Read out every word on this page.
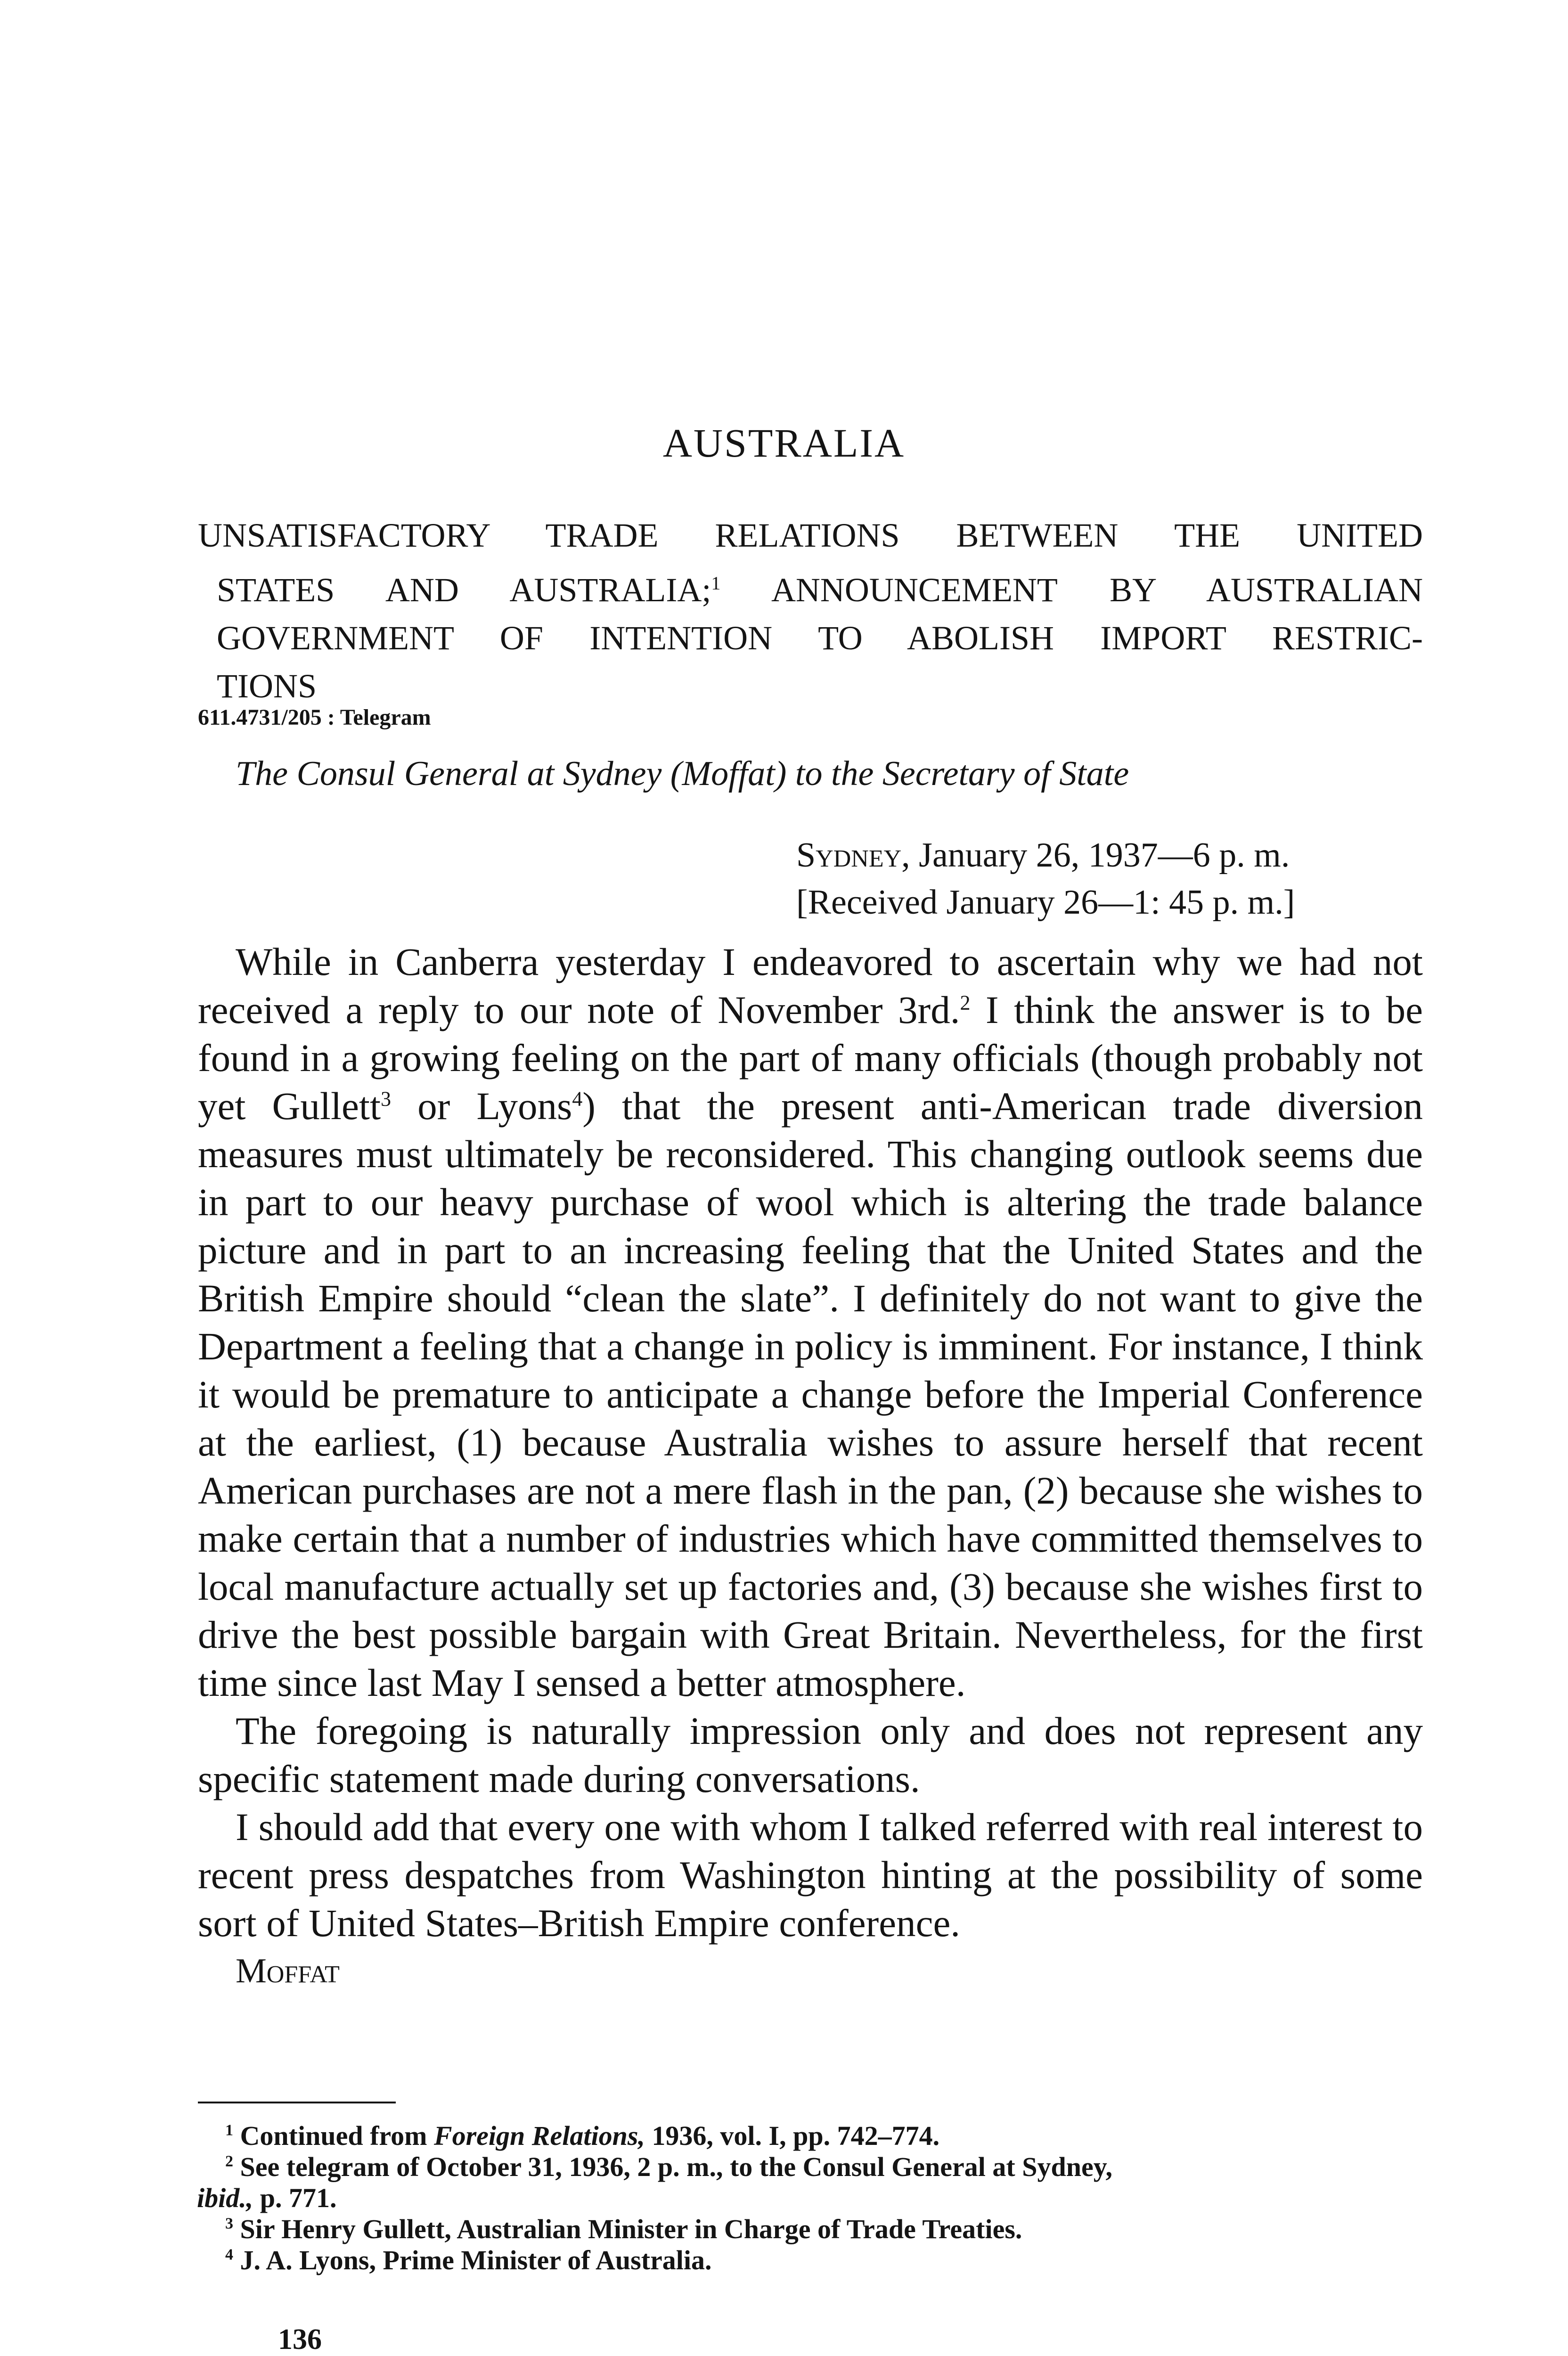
AUSTRALIA
UNSATISFACTORY TRADE RELATIONS BETWEEN THE UNITED
STATES AND AUSTRALIA;$^1$ ANNOUNCEMENT BY AUSTRALIAN
GOVERNMENT OF INTENTION TO ABOLISH IMPORT RESTRIC-
TIONS

611.4731/205 : Telegram

The Consul General at Sydney (Moffat) to the Secretary of State

Sydney, January 26, 1937—6 p. m.
[Received January 26—1: 45 p. m.]

While in Canberra yesterday I endeavored to ascertain why we had not received a reply to our note of November 3rd.$^2$ I think the answer is to be found in a growing feeling on the part of many officials (though probably not yet Gullett$^3$ or Lyons$^4$) that the present anti-American trade diversion measures must ultimately be reconsidered. This changing outlook seems due in part to our heavy purchase of wool which is altering the trade balance picture and in part to an increasing feeling that the United States and the British Empire should “clean the slate”. I definitely do not want to give the Department a feeling that a change in policy is imminent. For instance, I think it would be premature to anticipate a change before the Imperial Conference at the earliest, (1) because Australia wishes to assure herself that recent American purchases are not a mere flash in the pan, (2) because she wishes to make certain that a number of industries which have committed themselves to local manufacture actually set up factories and, (3) because she wishes first to drive the best possible bargain with Great Britain. Nevertheless, for the first time since last May I sensed a better atmosphere.

The foregoing is naturally impression only and does not represent any specific statement made during conversations.

I should add that every one with whom I talked referred with real interest to recent press despatches from Washington hinting at the possibility of some sort of United States–British Empire conference.

Moffat

$^1$ Continued from Foreign Relations, 1936, vol. I, pp. 742–774.

$^2$ See telegram of October 31, 1936, 2 p. m., to the Consul General at Sydney,
ibid., p. 771.

$^3$ Sir Henry Gullett, Australian Minister in Charge of Trade Treaties.

$^4$ J. A. Lyons, Prime Minister of Australia.

136
